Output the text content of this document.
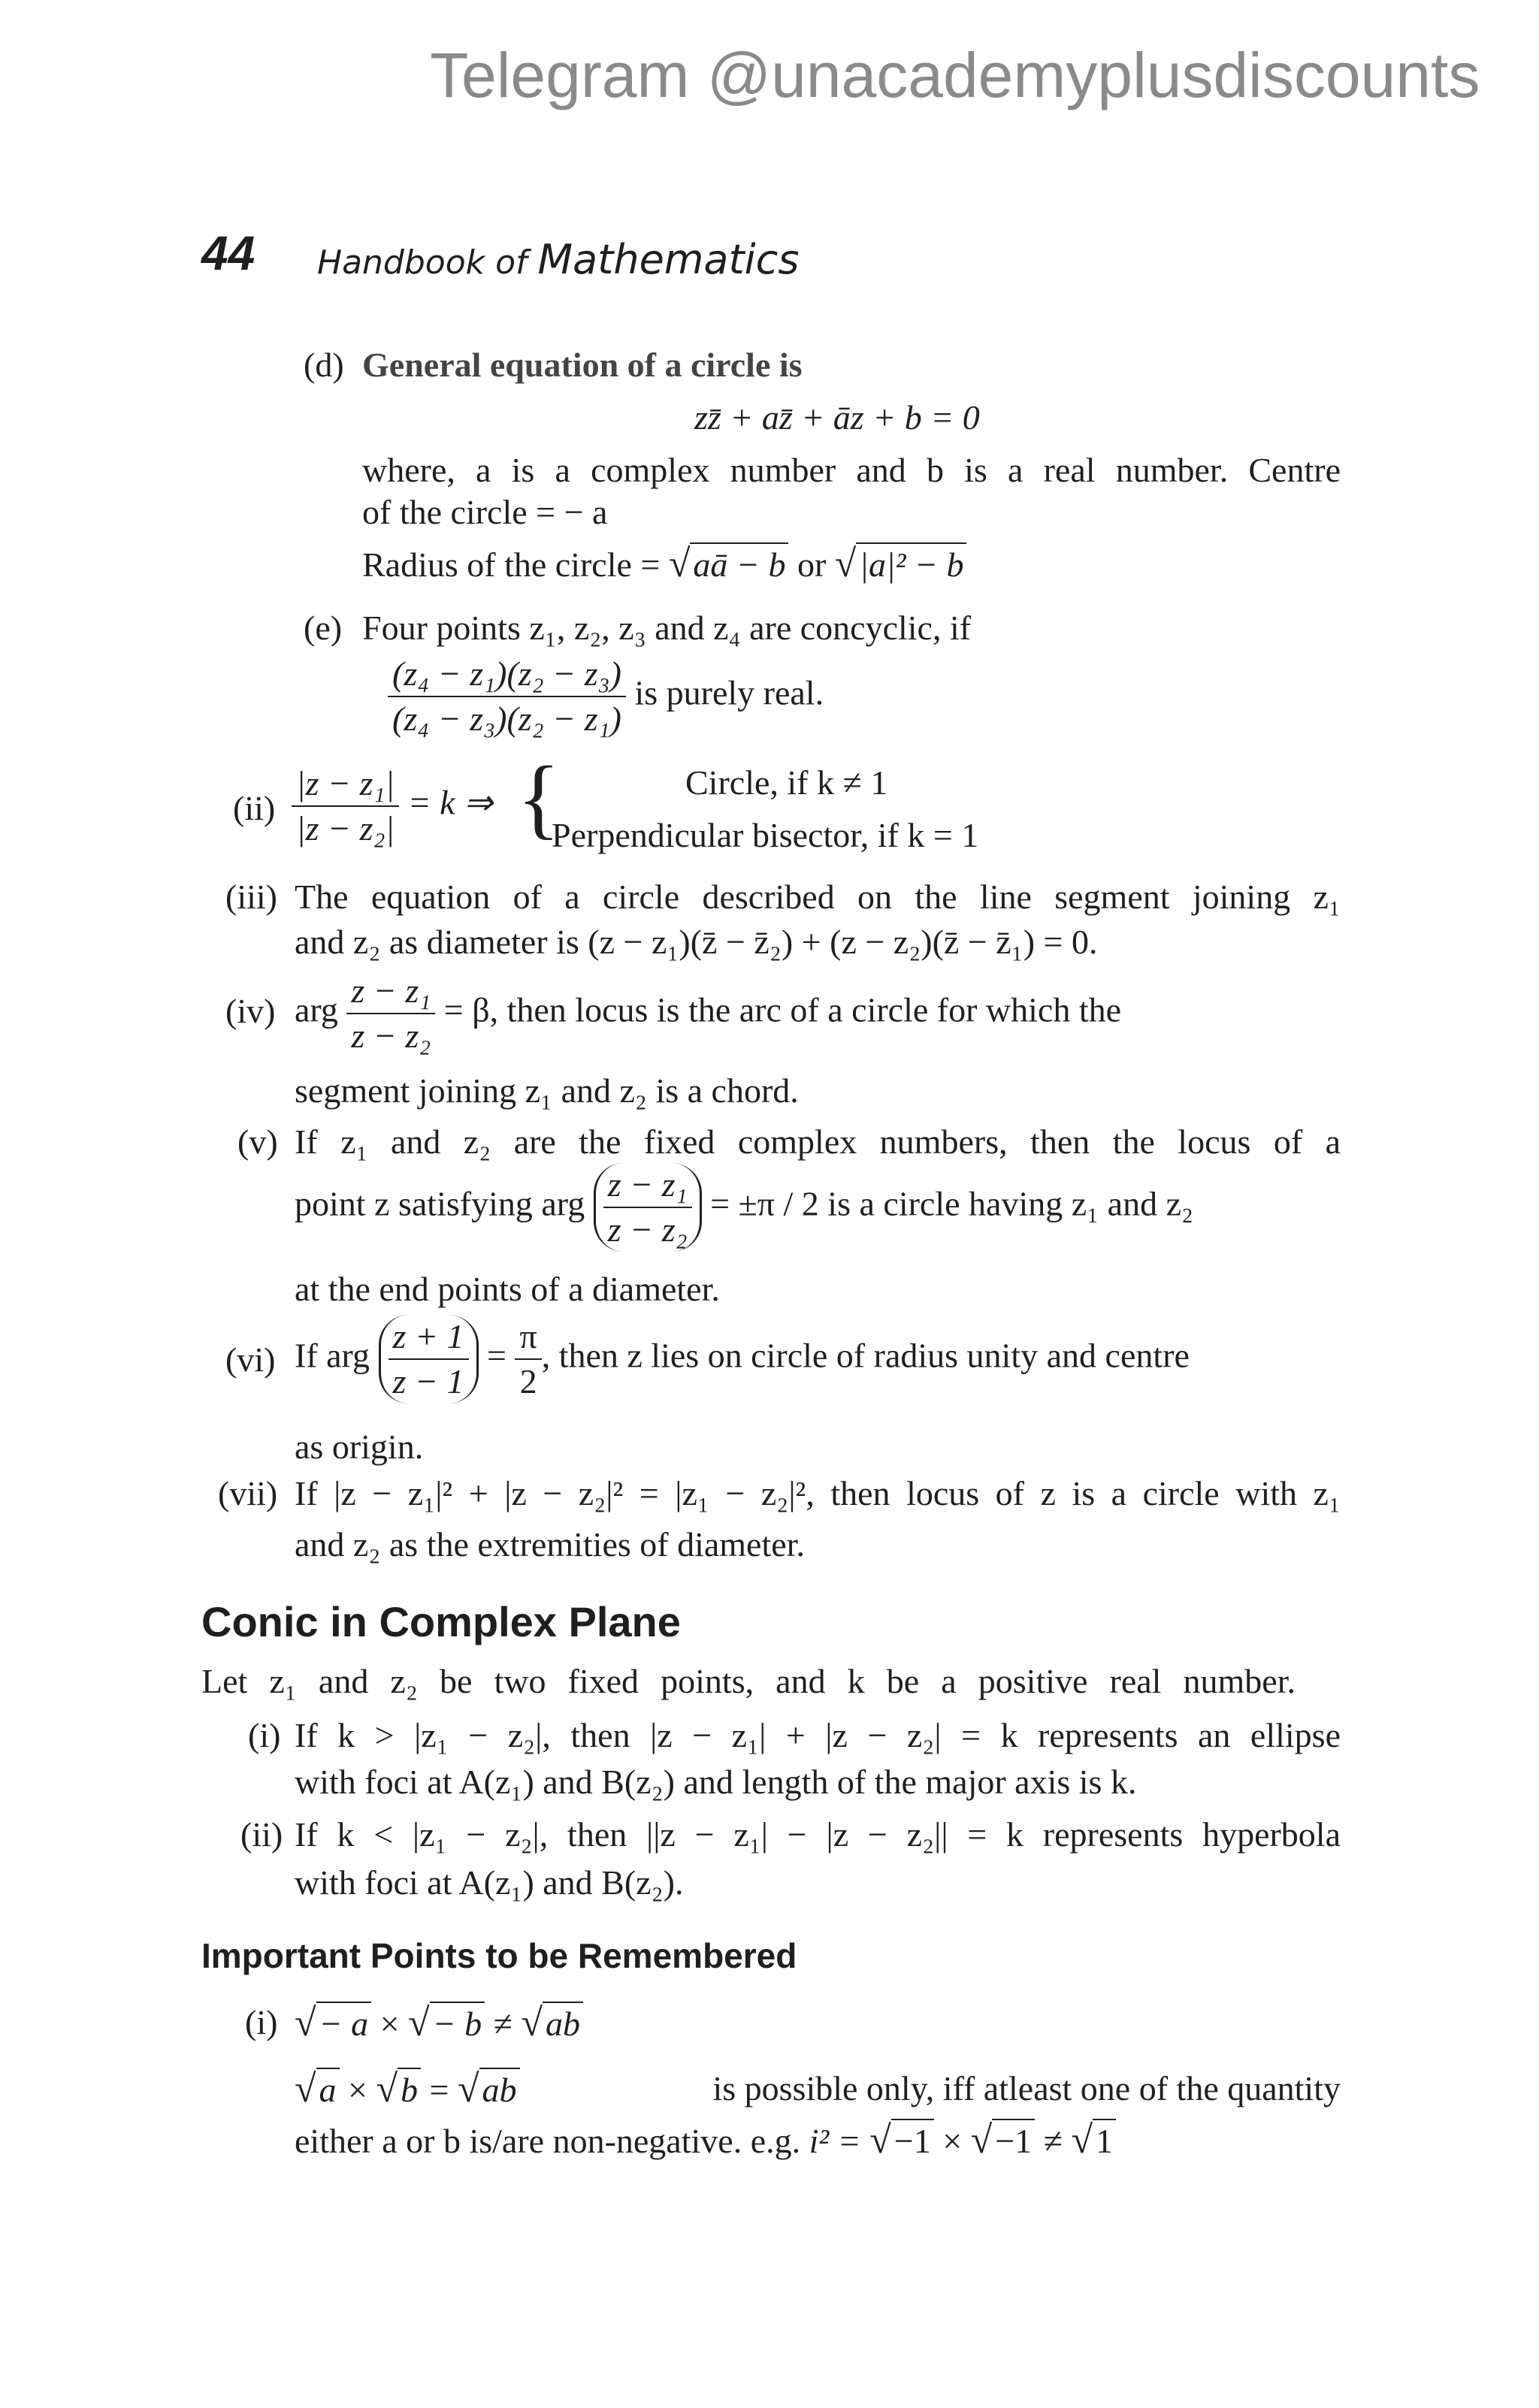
Telegram @unacademyplusdiscounts
44 Handbook of Mathematics
(d) General equation of a circle is
zz̄ + az̄ + āz + b = 0
where, a is a complex number and b is a real number. Centre
of the circle = − a
Radius of the circle = √aā − b or √|a|² − b
(e) Four points z₁, z₂, z₃ and z₄ are concyclic, if
$\frac{\text{(z₄ − z₁)(z₂ − z₃)}}{\text{(z₄ − z₃)(z₂ − z₁)}}$ is purely real.
$(ii) \frac{\text{|z − z₁|}}{\text{|z − z₂|}} = k$ ⇒ {	Circle, if k ≠ 1
Perpendicular bisector, if k = 1
(iii) The equation of a circle described on the line segment joining z₁
and z₂ as diameter is (z − z₁)(z̄ − z̄₂) + (z − z₂)(z̄ − z̄₁) = 0.
(iv) arg $\frac{\text{z − z₁}}{\text{z − z₂}} = \beta$, then locus is the arc of a circle for which the
segment joining z₁ and z₂ is a chord.
(v) If z₁ and z₂ are the fixed complex numbers, then the locus of a
point z satisfying arg $\frac{\text{z − z₁}}{\text{z − z₂}} = \pm\pi / 2$ is a circle having z₁ and z₂
at the end points of a diameter.
(vi) If arg $\frac{z + 1}{z - 1} = \frac{\pi}{2}$ , then z lies on circle of radius unity and centre
as origin.
(vii) If |z − z₁|² + |z − z₂|² = |z₁ − z₂|², then locus of z is a circle with z₁
and z₂ as the extremities of diameter.
Conic in Complex Plane
Let z₁ and z₂ be two fixed points, and k be a positive real number.
(i) If k > |z₁ − z₂|, then |z − z₁| + |z − z₂| = k represents an ellipse
with foci at A(z₁) and B(z₂) and length of the major axis is k.
(ii) If k < |z₁ − z₂|, then ||z − z₁| − |z − z₂|| = k represents hyperbola
with foci at A(z₁) and B(z₂).
Important Points to be Remembered
(i) √− a × √− b ≠ √ab
√a × √b = √ab	is possible only, iff atleast one of the quantity
either a or b is/are non-negative. e.g. i² = √−1 × √−1 ≠ √1
